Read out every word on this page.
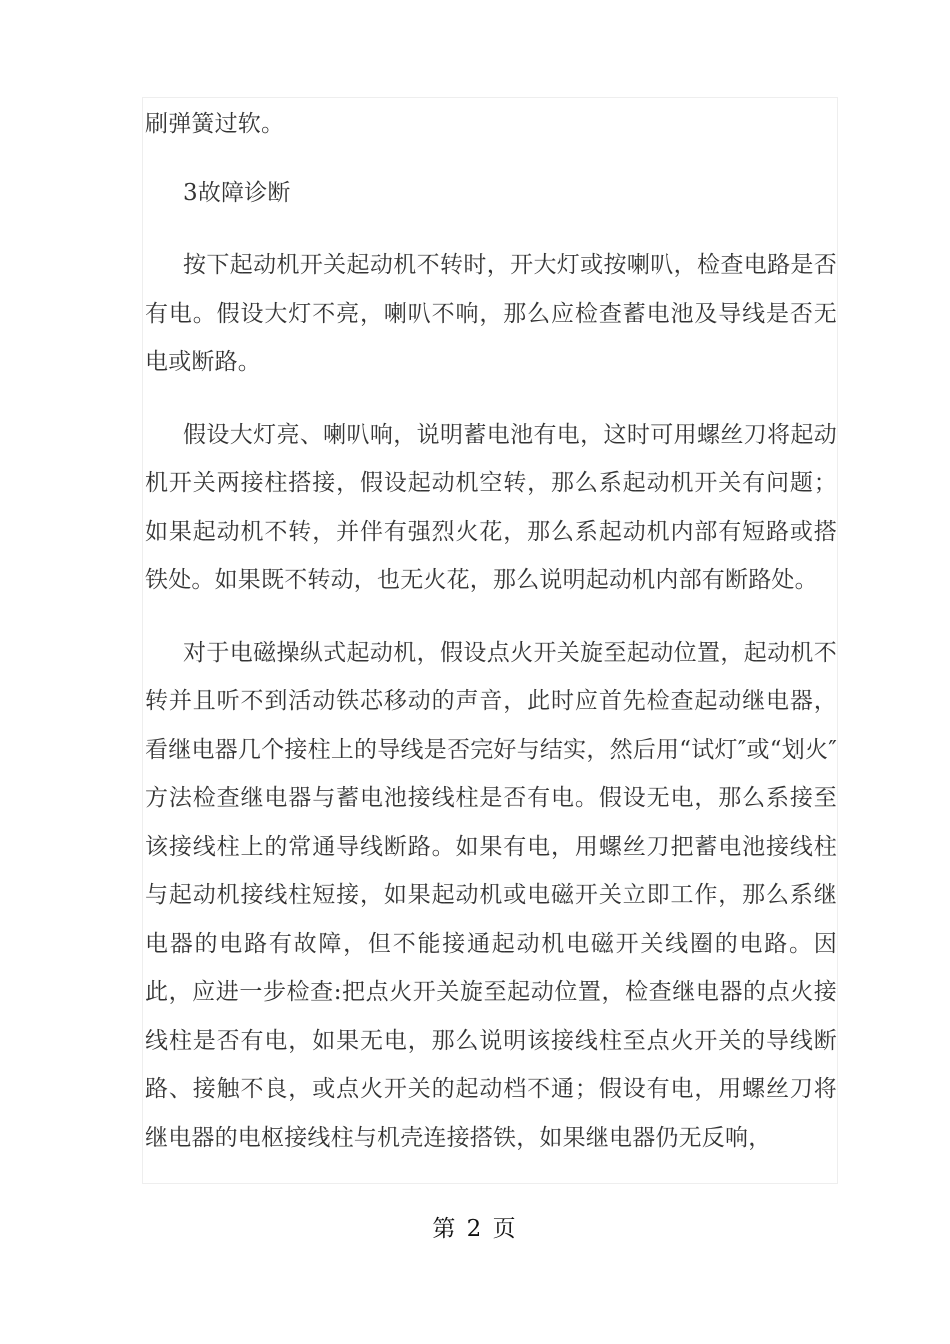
刷弹簧过软。

3故障诊断

按下起动机开关起动机不转时，开大灯或按喇叭，检查电路是否有电。假设大灯不亮，喇叭不响，那么应检查蓄电池及导线是否无电或断路。

假设大灯亮、喇叭响，说明蓄电池有电，这时可用螺丝刀将起动机开关两接柱搭接，假设起动机空转，那么系起动机开关有问题；如果起动机不转，并伴有强烈火花，那么系起动机内部有短路或搭铁处。如果既不转动，也无火花，那么说明起动机内部有断路处。

对于电磁操纵式起动机，假设点火开关旋至起动位置，起动机不转并且听不到活动铁芯移动的声音，此时应首先检查起动继电器，看继电器几个接柱上的导线是否完好与结实，然后用“试灯″或“划火″方法检查继电器与蓄电池接线柱是否有电。假设无电，那么系接至该接线柱上的常通导线断路。如果有电，用螺丝刀把蓄电池接线柱与起动机接线柱短接，如果起动机或电磁开关立即工作，那么系继电器的电路有故障，但不能接通起动机电磁开关线圈的电路。因此，应进一步检查:把点火开关旋至起动位置，检查继电器的点火接线柱是否有电，如果无电，那么说明该接线柱至点火开关的导线断路、接触不良，或点火开关的起动档不通；假设有电，用螺丝刀将继电器的电枢接线柱与机壳连接搭铁，如果继电器仍无反响，

第 2 页
